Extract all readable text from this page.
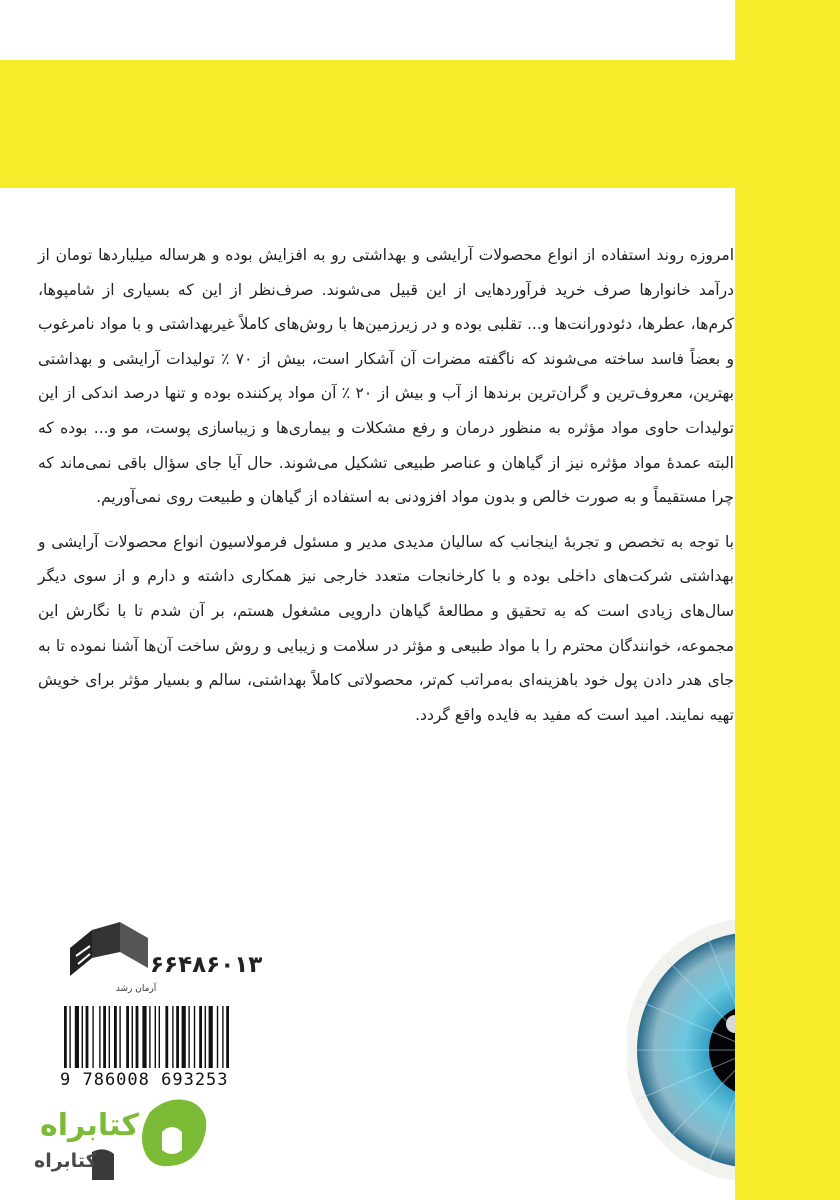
امروزه روند استفاده از انواع محصولات آرایشی و بهداشتی رو به افزایش بوده و هرساله میلیاردها تومان از درآمد خانوارها صرف خرید فرآوردهایی از این قبیل می‌شوند. صرف‌نظر از این که بسیاری از شامپوها، کرم‌ها، عطرها، دئودورانت‌ها و... تقلبی بوده و در زیرزمین‌ها با روش‌های کاملاً غیربهداشتی و با مواد نامرغوب و بعضاً فاسد ساخته می‌شوند که ناگفته مضرات آن آشکار است، بیش از ۷۰ ٪ تولیدات آرایشی و بهداشتی بهترین، معروف‌ترین و گران‌ترین برندها از آب و بیش از ۲۰ ٪ آن مواد پرکننده بوده و تنها درصد اندکی از این تولیدات حاوی مواد مؤثره به منظور درمان و رفع مشکلات و بیماری‌ها و زیباسازی پوست، مو و... بوده که البته عمدهٔ مواد مؤثره نیز از گیاهان و عناصر طبیعی تشکیل می‌شوند. حال آیا جای سؤال باقی نمی‌ماند که چرا مستقیماً و به صورت خالص و بدون مواد افزودنی به استفاده از گیاهان و طبیعت روی نمی‌آوریم.

با توجه به تخصص و تجربهٔ اینجانب که سالیان مدیدی مدیر و مسئول فرمولاسیون انواع محصولات آرایشی و بهداشتی شرکت‌های داخلی بوده و با کارخانجات متعدد خارجی نیز همکاری داشته و دارم و از سوی دیگر سال‌های زیادی است که به تحقیق و مطالعهٔ گیاهان دارویی مشغول هستم، بر آن شدم تا با نگارش این مجموعه، خوانندگان محترم را با مواد طبیعی و مؤثر در سلامت و زیبایی و روش ساخت آن‌ها آشنا نموده تا به جای هدر دادن پول خود باهزینه‌ای به‌مراتب کم‌تر، محصولاتی کاملاً بهداشتی، سالم و بسیار مؤثر برای خویش تهیه نمایند. امید است که مفید به فایده واقع گردد.

۶۶۴۸۶۰۱۳
آرمان رشد
9 786008 693253
کتابراه
کتابراه
